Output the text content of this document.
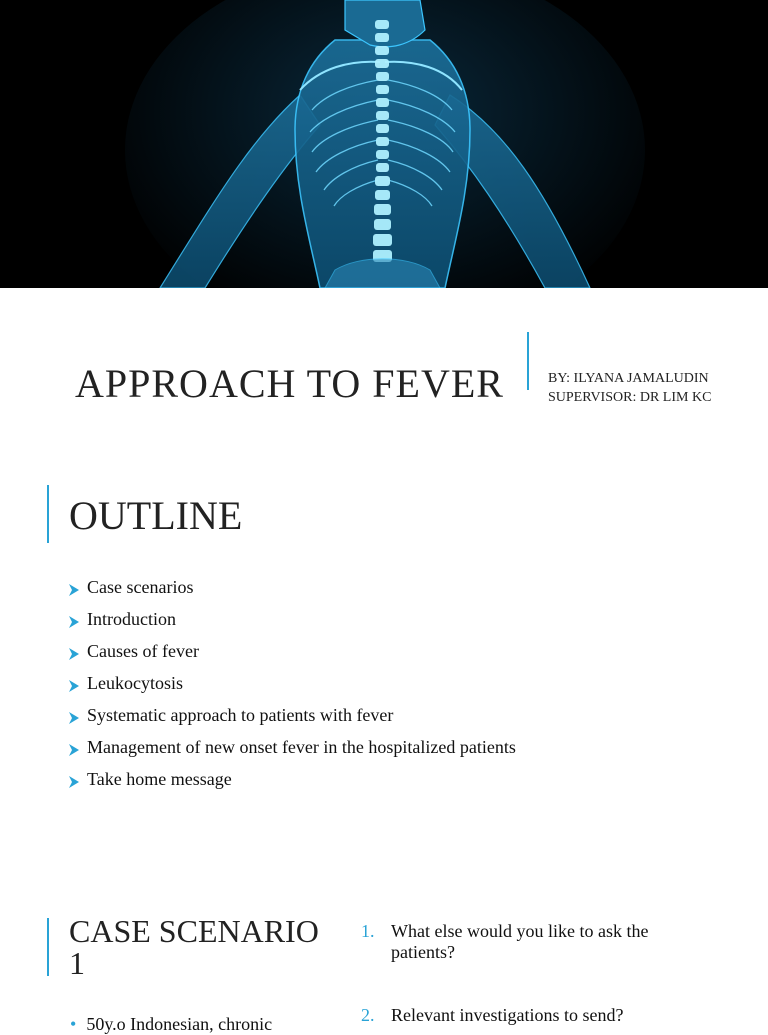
APPROACH TO FEVER	BY: ILYANA JAMALUDIN
SUPERVISOR: DR LIM KC
OUTLINE
Case scenarios
Introduction
Causes of fever
Leukocytosis
Systematic approach to patients with fever
Management of new onset fever in the hospitalized patients
Take home message
CASE SCENARIO 1
1. What else would you like to ask the patients?
2. Relevant investigations to send?
• 50y.o Indonesian, chronic
